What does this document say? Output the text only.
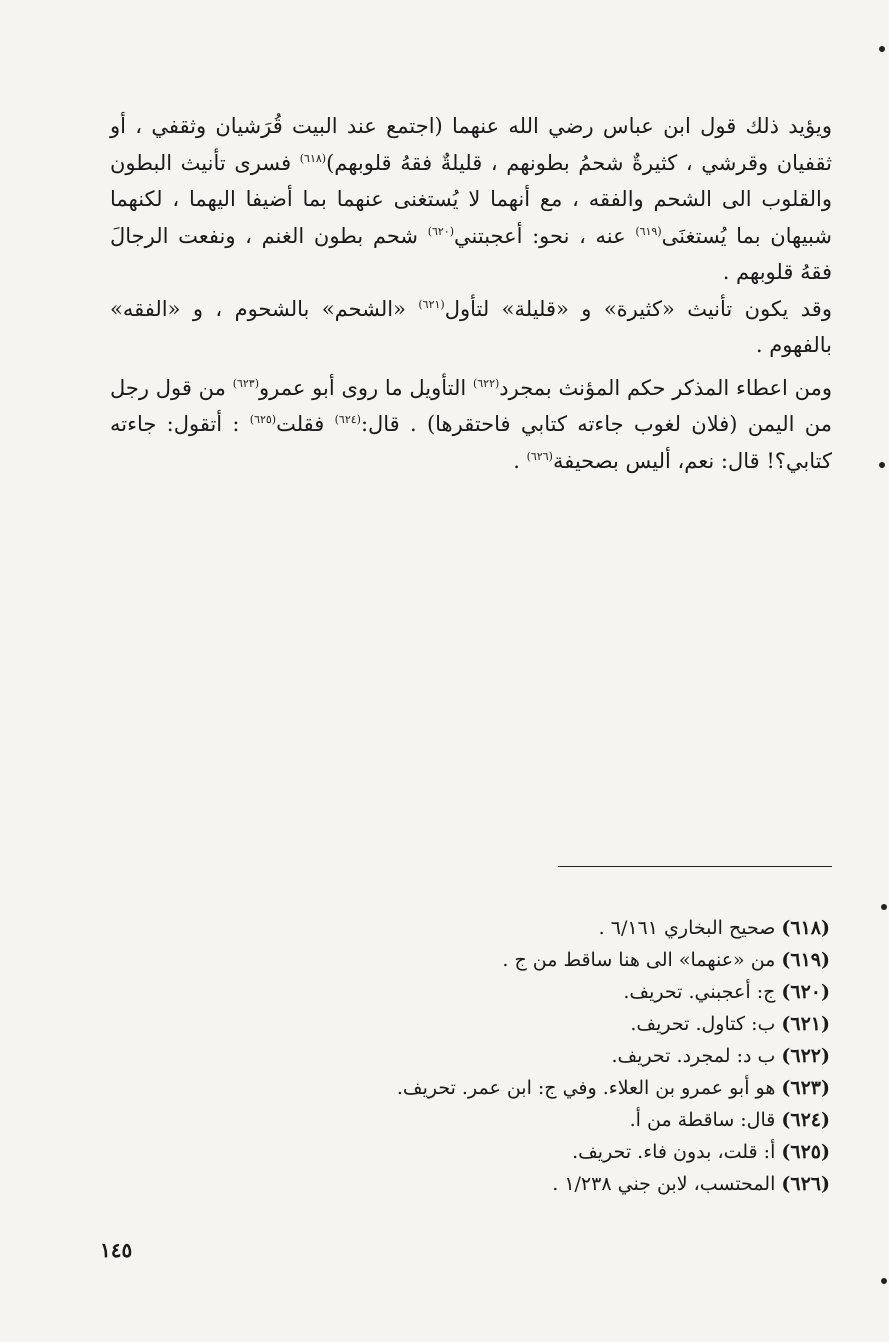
ويؤيد ذلك قول ابن عباس رضي الله عنهما (اجتمع عند البيت قُرَشيان وثقفي ، أو ثقفيان وقرشي ، كثيرةٌ شحمُ بطونهم ، قليلةٌ فقهُ قلوبهم)$^{(٦١٨)}$ فسرى تأنيث البطون والقلوب الى الشحم والفقه ، مع أنهما لا يُستغنى عنهما بما أضيفا اليهما ، لكنهما شبيهان بما يُستغنَى$^{(٦١٩)}$ عنه ، نحو: أعجبتني$^{(٦٢٠)}$ شحم بطون الغنم ، ونفعت الرجالَ فقهُ قلوبهم .

وقد يكون تأنيث «كثيرة» و «قليلة» لتأول$^{(٦٢١)}$ «الشحم» بالشحوم ، و «الفقه» بالفهوم .

ومن اعطاء المذكر حكم المؤنث بمجرد$^{(٦٢٢)}$ التأويل ما روى أبو عمرو$^{(٦٢٣)}$ من قول رجل من اليمن (فلان لغوب جاءته كتابي فاحتقرها) . قال:$^{(٦٢٤)}$ فقلت$^{(٦٢٥)}$ : أتقول: جاءته كتابي؟! قال: نعم، أليس بصحيفة$^{(٦٢٦)}$ .

(٦١٨)صحيح البخاري ٦/١٦١ .
(٦١٩)من «عنهما» الى هنا ساقط من ج .
(٦٢٠)ج: أعجبني. تحريف.
(٦٢١)ب: كتاول. تحريف.
(٦٢٢)ب د: لمجرد. تحريف.
(٦٢٣)هو أبو عمرو بن العلاء. وفي ج: ابن عمر. تحريف.
(٦٢٤)قال: ساقطة من أ.
(٦٢٥)أ: قلت، بدون فاء. تحريف.
(٦٢٦)المحتسب، لابن جني ١/٢٣٨ .
١٤٥
